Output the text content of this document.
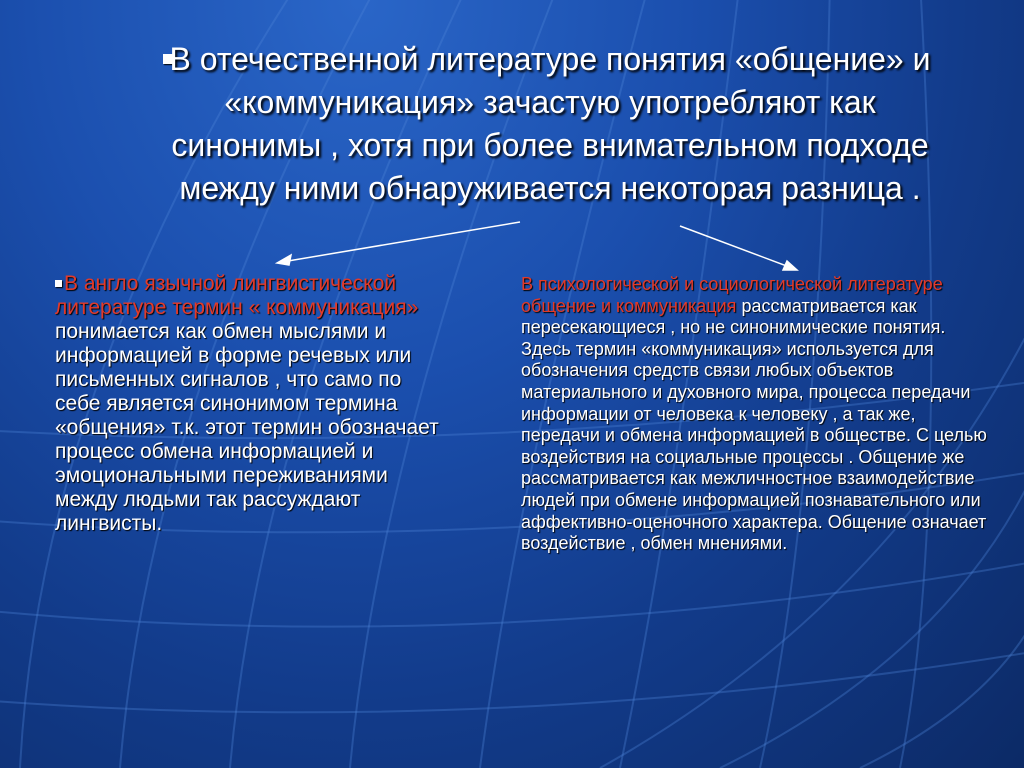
В отечественной литературе понятия «общение» и «коммуникация» зачастую употребляют как синонимы , хотя при более внимательном подходе между ними обнаруживается некоторая разница .
В англо язычной лингвистической литературе термин « коммуникация» понимается как обмен мыслями и информацией в форме речевых или письменных сигналов , что само по себе является синонимом термина «общения» т.к. этот термин обозначает процесс обмена информацией и эмоциональными переживаниями между людьми так рассуждают лингвисты.
В психологической и социологической литературе общение и коммуникация рассматривается как пересекающиеся , но не синонимические понятия. Здесь термин «коммуникация» используется для обозначения средств связи любых объектов материального и духовного мира, процесса передачи информации от человека к человеку , а так же, передачи и обмена информацией в обществе. С целью воздействия на социальные процессы . Общение же рассматривается как межличностное взаимодействие людей при обмене информацией познавательного или аффективно-оценочного характера. Общение означает воздействие , обмен мнениями.
